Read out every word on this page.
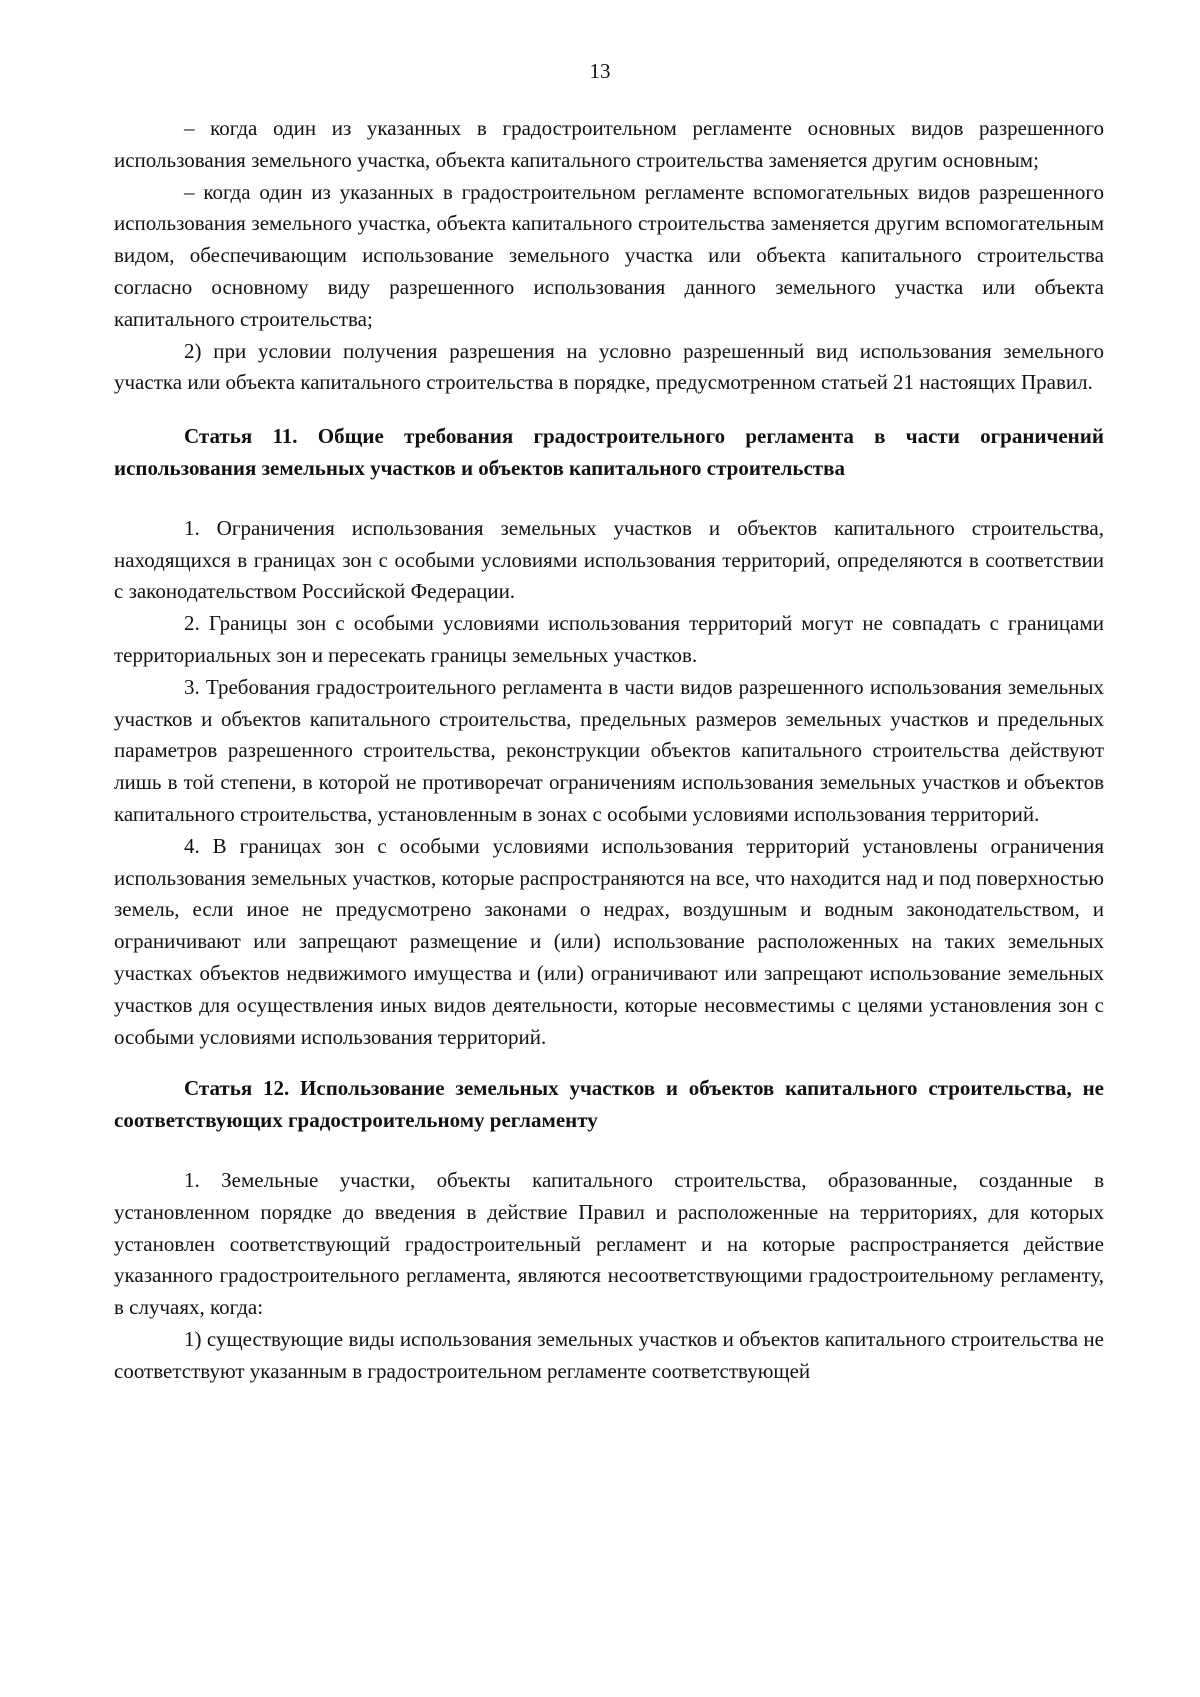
13

– когда один из указанных в градостроительном регламенте основных видов разрешенного использования земельного участка, объекта капитального строительства заменяется другим основным;

– когда один из указанных в градостроительном регламенте вспомогательных видов разрешенного использования земельного участка, объекта капитального строительства заменяется другим вспомогательным видом, обеспечивающим использование земельного участка или объекта капитального строительства согласно основному виду разрешенного использования данного земельного участка или объекта капитального строительства;

2) при условии получения разрешения на условно разрешенный вид использования земельного участка или объекта капитального строительства в порядке, предусмотренном статьей 21 настоящих Правил.

Статья 11. Общие требования градостроительного регламента в части ограничений использования земельных участков и объектов капитального строительства

1. Ограничения использования земельных участков и объектов капитального строительства, находящихся в границах зон с особыми условиями использования территорий, определяются в соответствии с законодательством Российской Федерации.

2. Границы зон с особыми условиями использования территорий могут не совпадать с границами территориальных зон и пересекать границы земельных участков.

3. Требования градостроительного регламента в части видов разрешенного использования земельных участков и объектов капитального строительства, предельных размеров земельных участков и предельных параметров разрешенного строительства, реконструкции объектов капитального строительства действуют лишь в той степени, в которой не противоречат ограничениям использования земельных участков и объектов капитального строительства, установленным в зонах с особыми условиями использования территорий.

4. В границах зон с особыми условиями использования территорий установлены ограничения использования земельных участков, которые распространяются на все, что находится над и под поверхностью земель, если иное не предусмотрено законами о недрах, воздушным и водным законодательством, и ограничивают или запрещают размещение и (или) использование расположенных на таких земельных участках объектов недвижимого имущества и (или) ограничивают или запрещают использование земельных участков для осуществления иных видов деятельности, которые несовместимы с целями установления зон с особыми условиями использования территорий.

Статья 12. Использование земельных участков и объектов капитального строительства, не соответствующих градостроительному регламенту

1. Земельные участки, объекты капитального строительства, образованные, созданные в установленном порядке до введения в действие Правил и расположенные на территориях, для которых установлен соответствующий градостроительный регламент и на которые распространяется действие указанного градостроительного регламента, являются несоответствующими градостроительному регламенту, в случаях, когда:

1) существующие виды использования земельных участков и объектов капитального строительства не соответствуют указанным в градостроительном регламенте соответствующей
